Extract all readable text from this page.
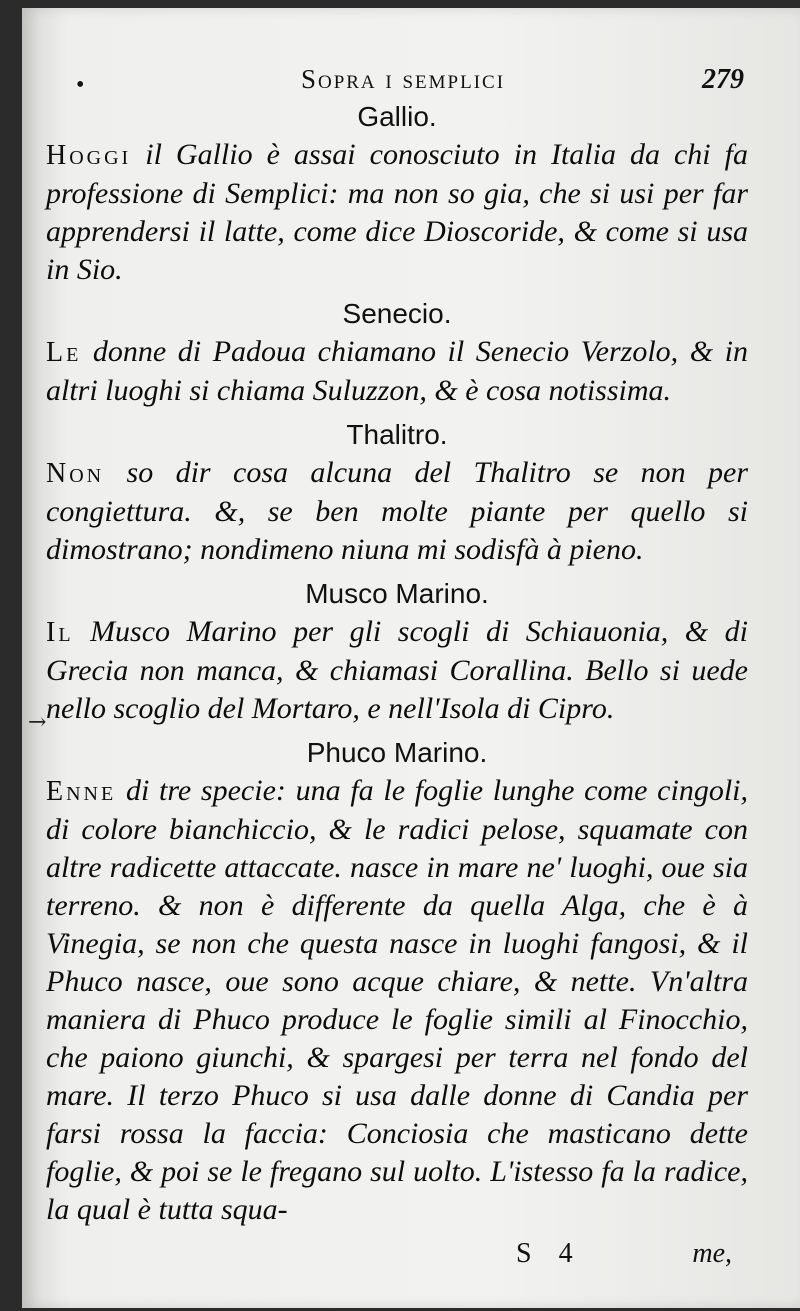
•	Sopra i semplici	279
→
Gallio.

Hoggi il Gallio è assai conosciuto in Italia da chi fa professione di Semplici: ma non so gia, che si usi per far apprendersi il latte, come dice Dioscoride, & come si usa in Sio.

Senecio.

Le donne di Padoua chiamano il Senecio Verzolo, & in altri luoghi si chiama Suluzzon, & è cosa notissima.

Thalitro.

Non so dir cosa alcuna del Thalitro se non per congiettura. &, se ben molte piante per quello si dimostrano; nondimeno niuna mi sodisfà à pieno.

Musco Marino.

Il Musco Marino per gli scogli di Schiauonia, & di Grecia non manca, & chiamasi Corallina. Bello si uede nello scoglio del Mortaro, e nell'Isola di Cipro.

Phuco Marino.

Enne di tre specie: una fa le foglie lunghe come cingoli, di colore bianchiccio, & le radici pelose, squamate con altre radicette attaccate. nasce in mare ne' luoghi, oue sia terreno. & non è differente da quella Alga, che è à Vinegia, se non che questa nasce in luoghi fangosi, & il Phuco nasce, oue sono acque chiare, & nette. Vn'altra maniera di Phuco produce le foglie simili al Finocchio, che paiono giunchi, & spargesi per terra nel fondo del mare. Il terzo Phuco si usa dalle donne di Candia per farsi rossa la faccia: Conciosia che masticano dette foglie, & poi se le fregano sul uolto. L'istesso fa la radice, la qual è tutta squa-

S 4	me,
